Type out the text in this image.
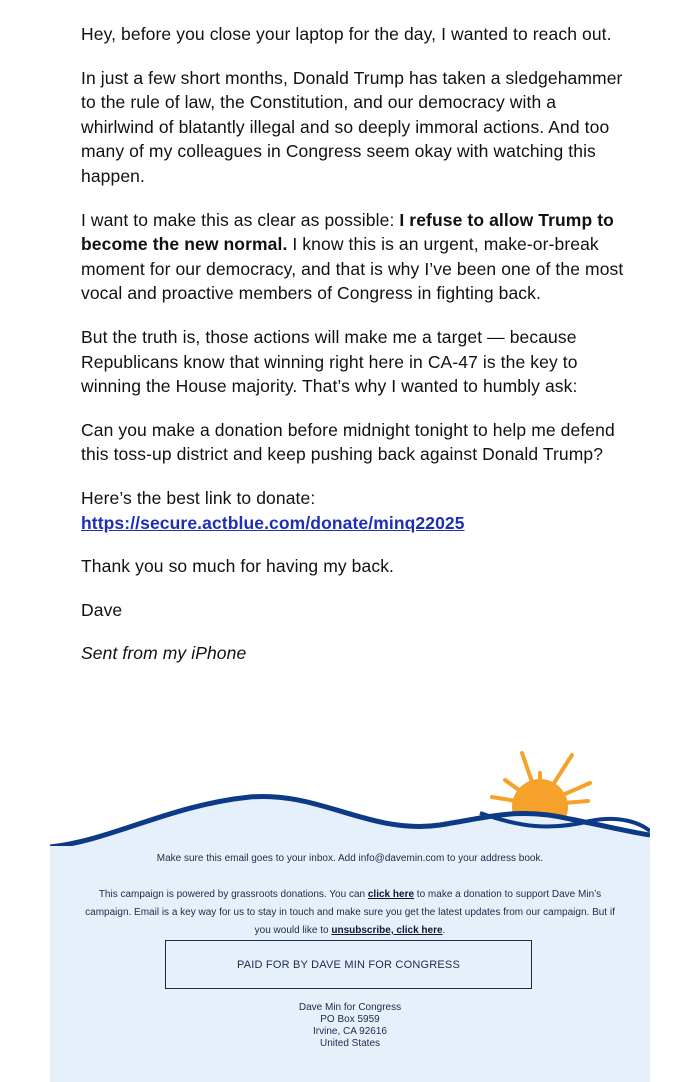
Hey, before you close your laptop for the day, I wanted to reach out.

In just a few short months, Donald Trump has taken a sledgehammer to the rule of law, the Constitution, and our democracy with a whirlwind of blatantly illegal and so deeply immoral actions. And too many of my colleagues in Congress seem okay with watching this happen.

I want to make this as clear as possible: I refuse to allow Trump to become the new normal. I know this is an urgent, make-or-break moment for our democracy, and that is why I’ve been one of the most vocal and proactive members of Congress in fighting back.

But the truth is, those actions will make me a target — because Republicans know that winning right here in CA-47 is the key to winning the House majority. That’s why I wanted to humbly ask:

Can you make a donation before midnight tonight to help me defend this toss-up district and keep pushing back against Donald Trump?

Here’s the best link to donate:
https://secure.actblue.com/donate/minq22025

Thank you so much for having my back.

Dave

Sent from my iPhone

Make sure this email goes to your inbox. Add info@davemin.com to your address book.
This campaign is powered by grassroots donations. You can click here to make a donation to support Dave Min’s campaign. Email is a key way for us to stay in touch and make sure you get the latest updates from our campaign. But if you would like to unsubscribe, click here.
PAID FOR BY DAVE MIN FOR CONGRESS
Dave Min for Congress
PO Box 5959
Irvine, CA 92616
United States
